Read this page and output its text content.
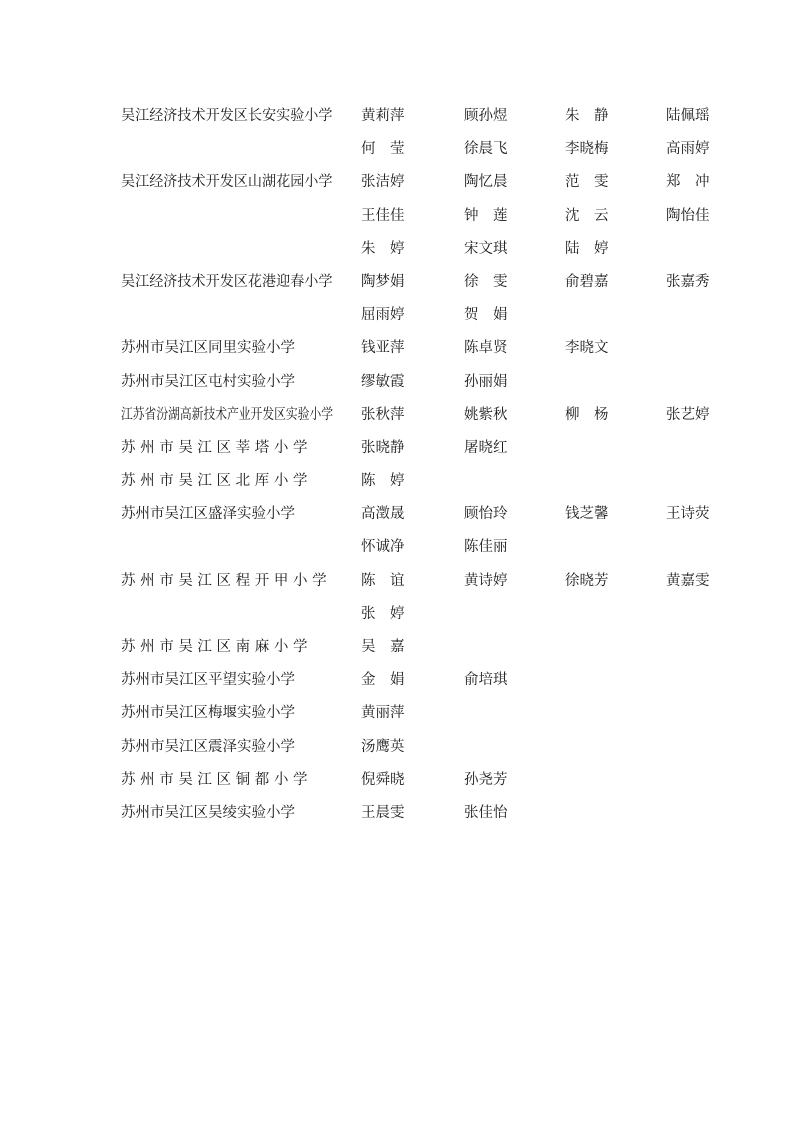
吴江经济技术开发区长安实验小学 黄莉萍	顾孙煜	朱　静	陆佩瑶
何　莹	徐晨飞	李晓梅	高雨婷
吴江经济技术开发区山湖花园小学 张洁婷	陶忆晨	范　雯	郑　冲
王佳佳	钟　莲	沈　云	陶怡佳
朱　婷	宋文琪	陆　婷
吴江经济技术开发区花港迎春小学 陶梦娟	徐　雯	俞碧嘉	张嘉秀
屈雨婷	贺　娟
苏州市吴江区同里实验小学	钱亚萍	陈卓贤	李晓文
苏州市吴江区屯村实验小学	缪敏霞	孙丽娟
江苏省汾湖高新技术产业开发区实验小学 张秋萍	姚紫秋	柳　杨	张艺婷
苏 州 市 吴 江 区 莘 塔 小 学	张晓静	屠晓红
苏 州 市 吴 江 区 北 厍 小 学	陈　婷
苏州市吴江区盛泽实验小学	高澂晟	顾怡玲	钱芝馨	王诗荧
怀诚净	陈佳丽
苏 州 市 吴 江 区 程 开 甲 小 学 陈　谊	黄诗婷	徐晓芳	黄嘉雯
张　婷
苏 州 市 吴 江 区 南 麻 小 学	吴　嘉
苏州市吴江区平望实验小学	金　娟	俞培琪
苏州市吴江区梅堰实验小学	黄丽萍
苏州市吴江区震泽实验小学	汤鹰英
苏 州 市 吴 江 区 铜 都 小 学	倪舜晓	孙尧芳
苏州市吴江区吴绫实验小学	王晨雯	张佳怡
